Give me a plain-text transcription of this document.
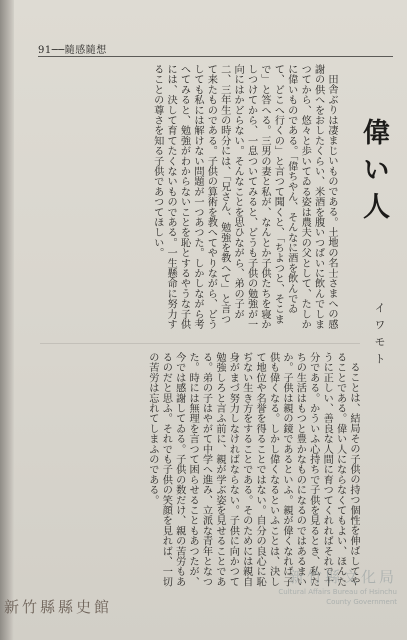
91──隨感隨想
偉い人
イワモト

田舎ぶりは凄まじいものである。土地の名士さまへの感謝の供へをおしたくらい、米酒を腹いつぱいに飲んでしまつてから、悠々と歩いてゐる姿は農夫の父として、たしかに偉いものである。「偉ちやん、そんなに酒を飲んでゐて、どこへ行くの」と言つて聞くと、「ちよつと、そこまで」と答へる。三男の妻と私が、なんとか子供たちを寝かしつけてから、一息ついてみると、どうも子供の勉強が一向にはかどらない。そんなことを思ひながら、弟の子が二、三年生の時分には、「兄さん、勉強を教へて」と言つて来たものである。子供の算術を教へてやりながら、どうしても私には解けない問題が一つあつた。しかしながら考へてみると、勉強がわからないことを恥とするやうな子供には、決して育てたくないものである。一生懸命に努力することの尊さを知る子供であつてほしい。

ることは、結局その子供の持つ個性を伸ばしてやることである。偉い人にならなくてもよい、ほんたうに正しい、善良な人間に育つてくれればそれで十分である。かういふ心持ちで子供を見るとき、私たちの生活はもつと豊かなものになるのではあるまいか。子供は親の鏡であるといふ。親が偉くなれば子供も偉くなる。しかし偉くなるといふことは、決して地位や名誉を得ることではない。自分の良心に恥ぢない生き方をすることである。そのためには親自身がまづ努力しなければならない。子供に向かつて勉強しろと言ふ前に、親が学ぶ姿を見せることである。弟の子はやがて中学へ進み、立派な青年となつた。時には無理を言つて困らせることもあつたが、今では感謝してゐる。子供の数だけ、親の苦労もあるのだと思ふ。それでも子供の笑顔を見れば、一切の苦労は忘れてしまふのである。

新竹縣縣史館
新竹縣文化局
Cultural Affairs Bureau of Hsinchu
County Government
